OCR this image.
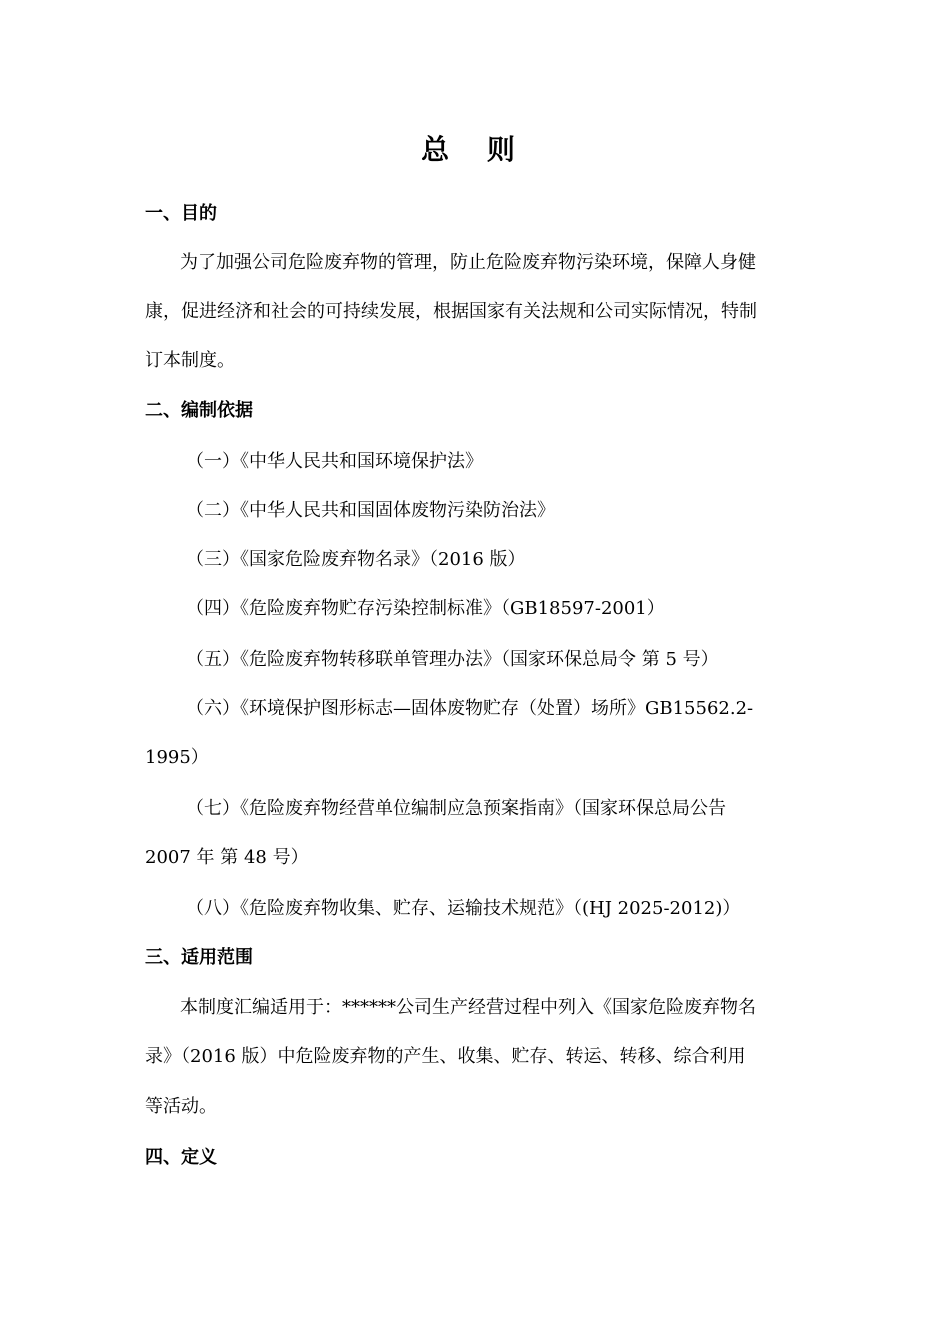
总 则
一、目的

为了加强公司危险废弃物的管理，防止危险废弃物污染环境，保障人身健

康，促进经济和社会的可持续发展，根据国家有关法规和公司实际情况，特制

订本制度。

二、编制依据

（一）《中华人民共和国环境保护法》

（二）《中华人民共和国固体废物污染防治法》

（三）《国家危险废弃物名录》（2016 版）

（四）《危险废弃物贮存污染控制标准》（GB18597-2001）

（五）《危险废弃物转移联单管理办法》（国家环保总局令 第 5 号）

（六）《环境保护图形标志—固体废物贮存（处置）场所》GB15562.2-

1995）

（七）《危险废弃物经营单位编制应急预案指南》（国家环保总局公告

2007 年 第 48 号）

（八）《危险废弃物收集、贮存、运输技术规范》（(HJ 2025-2012)）

三、适用范围

本制度汇编适用于：******公司生产经营过程中列入《国家危险废弃物名

录》（2016 版）中危险废弃物的产生、收集、贮存、转运、转移、综合利用

等活动。

四、定义
